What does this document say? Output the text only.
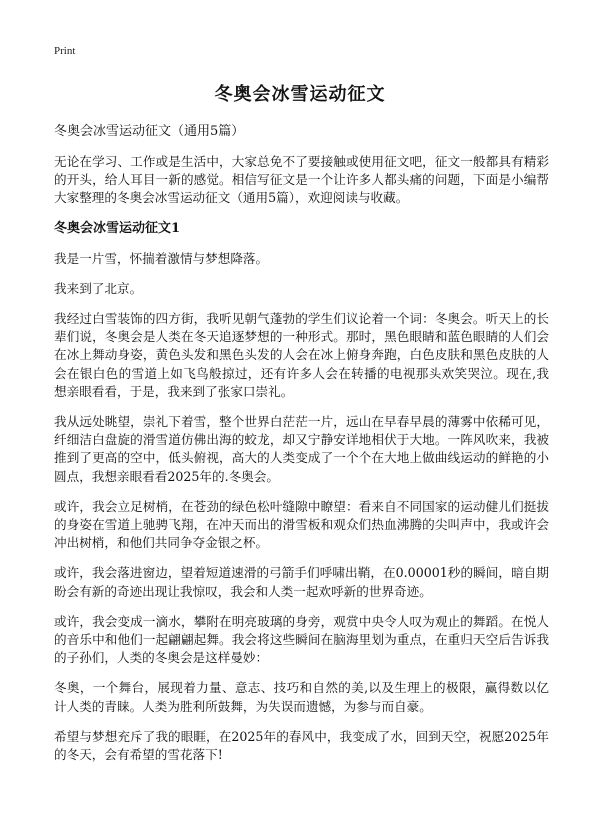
Print
冬奥会冰雪运动征文
冬奥会冰雪运动征文（通用5篇）

无论在学习、工作或是生活中，大家总免不了要接触或使用征文吧，征文一般都具有精彩的开头，给人耳目一新的感觉。相信写征文是一个让许多人都头痛的问题，下面是小编帮大家整理的冬奥会冰雪运动征文（通用5篇），欢迎阅读与收藏。

冬奥会冰雪运动征文1

我是一片雪，怀揣着激情与梦想降落。

我来到了北京。

我经过白雪装饰的四方街，我听见朝气蓬勃的学生们议论着一个词：冬奥会。听天上的长辈们说，冬奥会是人类在冬天追逐梦想的一种形式。那时，黑色眼睛和蓝色眼睛的人们会在冰上舞动身姿，黄色头发和黑色头发的人会在冰上俯身奔跑，白色皮肤和黑色皮肤的人会在银白色的雪道上如飞鸟般掠过，还有许多人会在转播的电视那头欢笑哭泣。现在,我想亲眼看看，于是，我来到了张家口崇礼。

我从远处眺望，崇礼下着雪，整个世界白茫茫一片，远山在早春早晨的薄雾中依稀可见，纤细洁白盘旋的滑雪道仿佛出海的蛟龙，却又宁静安详地相伏于大地。一阵风吹来，我被推到了更高的空中，低头俯视，高大的人类变成了一个个在大地上做曲线运动的鲜艳的小圆点，我想亲眼看看2025年的.冬奥会。

或许，我会立足树梢，在苍劲的绿色松叶缝隙中瞭望：看来自不同国家的运动健儿们挺拔的身姿在雪道上驰骋飞翔，在冲天而出的滑雪板和观众们热血沸腾的尖叫声中，我或许会冲出树梢，和他们共同争夺金银之杯。

或许，我会落进窗边，望着短道速滑的弓箭手们呼啸出鞘，在0.00001秒的瞬间，暗自期盼会有新的奇迹出现让我惊叹，我会和人类一起欢呼新的世界奇迹。

或许，我会变成一滴水，攀附在明亮玻璃的身旁，观赏中央令人叹为观止的舞蹈。在悦人的音乐中和他们一起翩翩起舞。我会将这些瞬间在脑海里划为重点，在重归天空后告诉我的子孙们，人类的冬奥会是这样曼妙：

冬奥，一个舞台，展现着力量、意志、技巧和自然的美,以及生理上的极限，赢得数以亿计人类的青睐。人类为胜利所鼓舞，为失误而遗憾，为参与而自豪。

希望与梦想充斥了我的眼睚，在2025年的春风中，我变成了水，回到天空，祝愿2025年的冬天，会有希望的雪花落下!
